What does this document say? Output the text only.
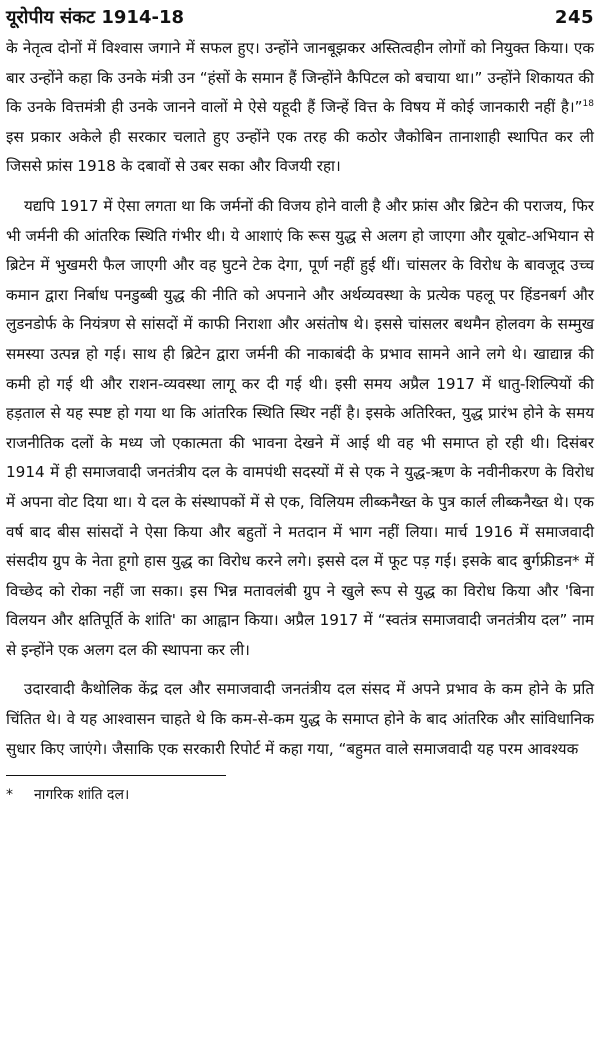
यूरोपीय संकट 1914-18	245

के नेतृत्व दोनों में विश्वास जगाने में सफल हुए। उन्होंने जानबूझकर अस्तित्वहीन लोगों को नियुक्त किया। एक बार उन्होंने कहा कि उनके मंत्री उन “हंसों के समान हैं जिन्होंने कैपिटल को बचाया था।” उन्होंने शिकायत की कि उनके वित्तमंत्री ही उनके जानने वालों मे ऐसे यहूदी हैं जिन्हें वित्त के विषय में कोई जानकारी नहीं है।”$^{18}$ इस प्रकार अकेले ही सरकार चलाते हुए उन्होंने एक तरह की कठोर जैकोबिन तानाशाही स्थापित कर ली जिससे फ्रांस 1918 के दबावों से उबर सका और विजयी रहा।

यद्यपि 1917 में ऐसा लगता था कि जर्मनों की विजय होने वाली है और फ्रांस और ब्रिटेन की पराजय, फिर भी जर्मनी की आंतरिक स्थिति गंभीर थी। ये आशाएं कि रूस युद्ध से अलग हो जाएगा और यूबोट-अभियान से ब्रिटेन में भुखमरी फैल जाएगी और वह घुटने टेक देगा, पूर्ण नहीं हुई थीं। चांसलर के विरोध के बावजूद उच्च कमान द्वारा निर्बाध पनडुब्बी युद्ध की नीति को अपनाने और अर्थव्यवस्था के प्रत्येक पहलू पर हिंडनबर्ग और लुडनडोर्फ के नियंत्रण से सांसदों में काफी निराशा और असंतोष थे। इससे चांसलर बथमैन होलवग के सम्मुख समस्या उत्पन्न हो गई। साथ ही ब्रिटेन द्वारा जर्मनी की नाकाबंदी के प्रभाव सामने आने लगे थे। खाद्यान्न की कमी हो गई थी और राशन-व्यवस्था लागू कर दी गई थी। इसी समय अप्रैल 1917 में धातु-शिल्पियों की हड़ताल से यह स्पष्ट हो गया था कि आंतरिक स्थिति स्थिर नहीं है। इसके अतिरिक्त, युद्ध प्रारंभ होने के समय राजनीतिक दलों के मध्य जो एकात्मता की भावना देखने में आई थी वह भी समाप्त हो रही थी। दिसंबर 1914 में ही समाजवादी जनतंत्रीय दल के वामपंथी सदस्यों में से एक ने युद्ध-ऋण के नवीनीकरण के विरोध में अपना वोट दिया था। ये दल के संस्थापकों में से एक, विलियम लीब्कनैख्त के पुत्र कार्ल लीब्कनैख्त थे। एक वर्ष बाद बीस सांसदों ने ऐसा किया और बहुतों ने मतदान में भाग नहीं लिया। मार्च 1916 में समाजवादी संसदीय ग्रुप के नेता हूगो हास युद्ध का विरोध करने लगे। इससे दल में फूट पड़ गई। इसके बाद बुर्गफ्रीडन* में विच्छेद को रोका नहीं जा सका। इस भिन्न मतावलंबी ग्रुप ने खुले रूप से युद्ध का विरोध किया और 'बिना विलयन और क्षतिपूर्ति के शांति' का आह्वान किया। अप्रैल 1917 में “स्वतंत्र समाजवादी जनतंत्रीय दल” नाम से इन्होंने एक अलग दल की स्थापना कर ली।

उदारवादी कैथोलिक केंद्र दल और समाजवादी जनतंत्रीय दल संसद में अपने प्रभाव के कम होने के प्रति चिंतित थे। वे यह आश्वासन चाहते थे कि कम-से-कम युद्ध के समाप्त होने के बाद आंतरिक और सांविधानिक सुधार किए जाएंगे। जैसाकि एक सरकारी रिपोर्ट में कहा गया, “बहुमत वाले समाजवादी यह परम आवश्यक

* नागरिक शांति दल।
